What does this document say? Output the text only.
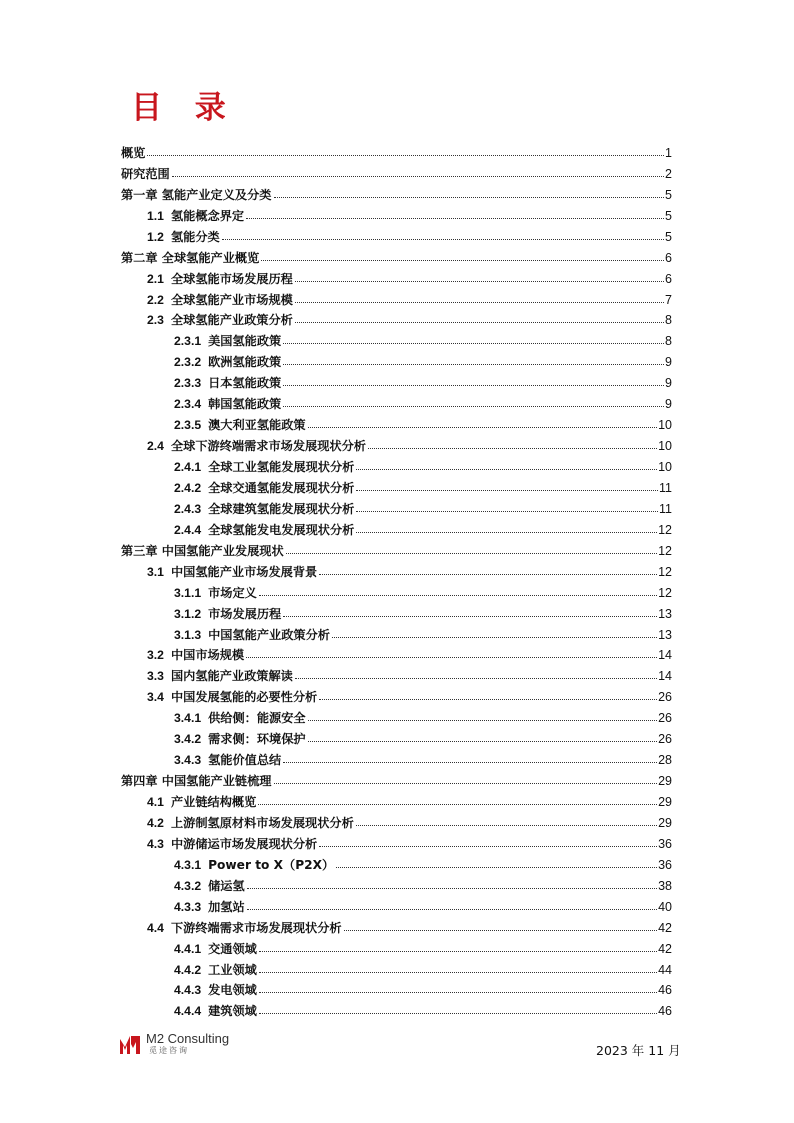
目 录
概览	1
研究范围	2
第一章 氢能产业定义及分类	5
1.1 氢能概念界定	5
1.2 氢能分类	5
第二章 全球氢能产业概览	6
2.1 全球氢能市场发展历程	6
2.2 全球氢能产业市场规模	7
2.3 全球氢能产业政策分析	8
2.3.1 美国氢能政策	8
2.3.2 欧洲氢能政策	9
2.3.3 日本氢能政策	9
2.3.4 韩国氢能政策	9
2.3.5 澳大利亚氢能政策	10
2.4 全球下游终端需求市场发展现状分析	10
2.4.1 全球工业氢能发展现状分析	10
2.4.2 全球交通氢能发展现状分析	11
2.4.3 全球建筑氢能发展现状分析	11
2.4.4 全球氢能发电发展现状分析	12
第三章 中国氢能产业发展现状	12
3.1 中国氢能产业市场发展背景	12
3.1.1 市场定义	12
3.1.2 市场发展历程	13
3.1.3 中国氢能产业政策分析	13
3.2 中国市场规模	14
3.3 国内氢能产业政策解读	14
3.4 中国发展氢能的必要性分析	26
3.4.1 供给侧：能源安全	26
3.4.2 需求侧：环境保护	26
3.4.3 氢能价值总结	28
第四章 中国氢能产业链梳理	29
4.1 产业链结构概览	29
4.2 上游制氢原材料市场发展现状分析	29
4.3 中游储运市场发展现状分析	36
4.3.1 Power to X（P2X）	36
4.3.2 储运氢	38
4.3.3 加氢站	40
4.4 下游终端需求市场发展现状分析	42
4.4.1 交通领域	42
4.4.2 工业领域	44
4.4.3 发电领域	46
4.4.4 建筑领域	46
M2 Consulting
觅途咨询	2023 年 11 月
